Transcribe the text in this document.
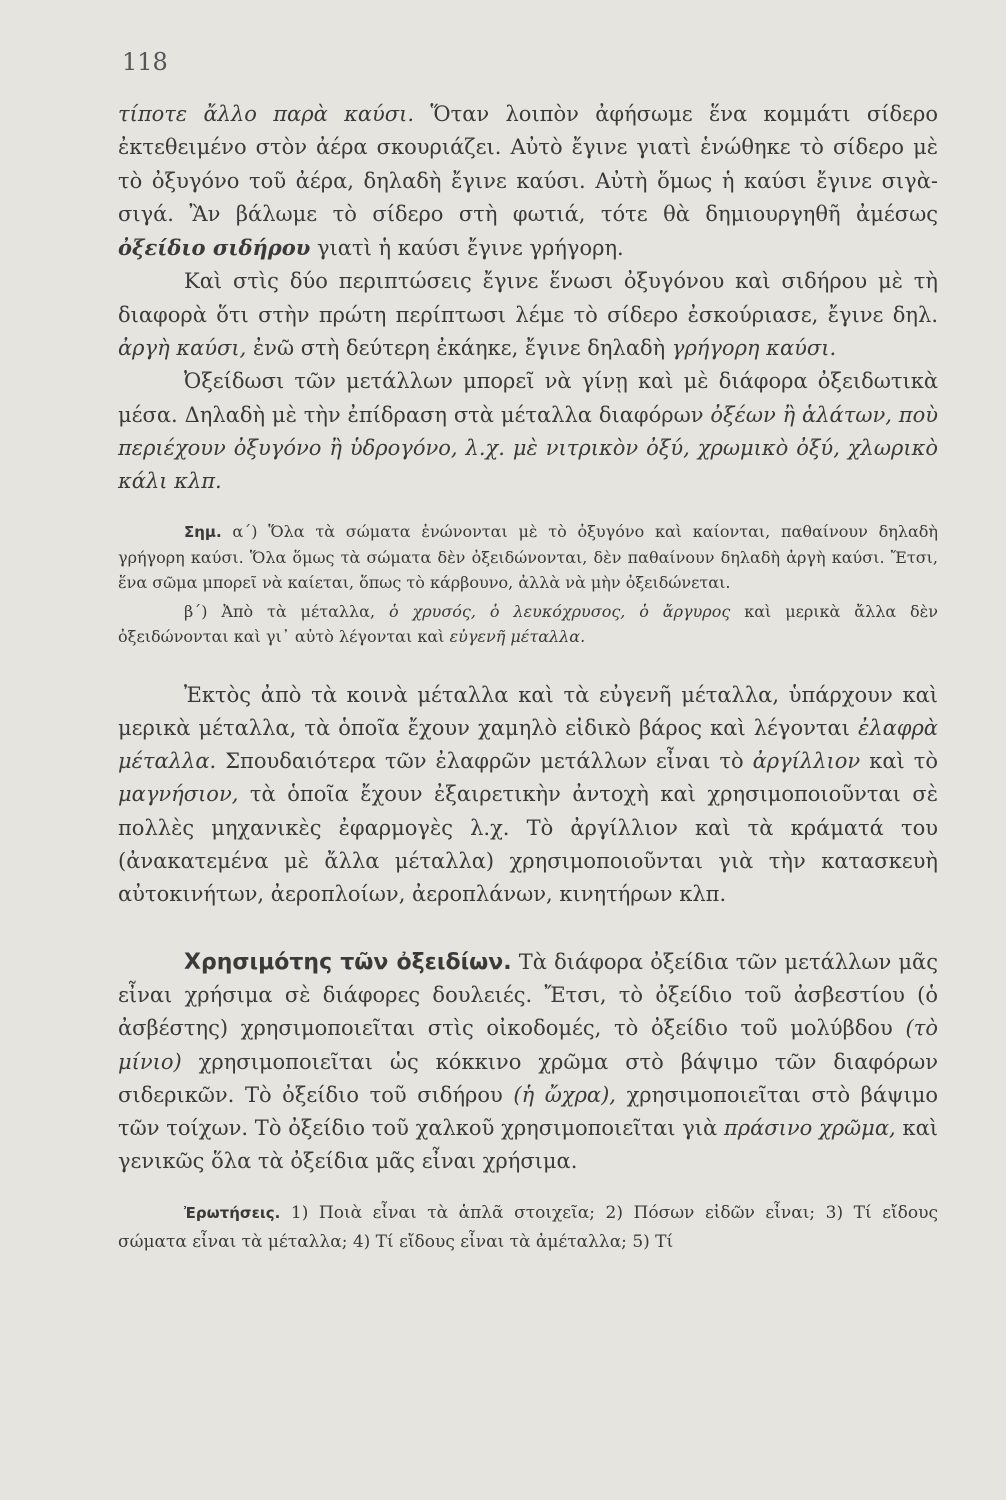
118

τίποτε ἄλλο παρὰ καύσι. Ὅταν λοιπὸν ἀφήσωμε ἕνα κομμάτι σίδερο ἐκτεθειμένο στὸν ἀέρα σκουριάζει. Αὐτὸ ἔγινε γιατὶ ἑνώθηκε τὸ σίδερο μὲ τὸ ὀξυγόνο τοῦ ἀέρα, δηλαδὴ ἔγινε καύσι. Αὐτὴ ὅμως ἡ καύσι ἔγινε σιγὰ-σιγά. Ἂν βάλωμε τὸ σίδερο στὴ φωτιά, τότε θὰ δημιουργηθῆ ἀμέσως ὀξείδιο σιδήρου γιατὶ ἡ καύσι ἔγινε γρήγορη.

Καὶ στὶς δύο περιπτώσεις ἔγινε ἕνωσι ὀξυγόνου καὶ σιδήρου μὲ τὴ διαφορὰ ὅτι στὴν πρώτη περίπτωσι λέμε τὸ σίδερο ἐσκούριασε, ἔγινε δηλ. ἀργὴ καύσι, ἐνῶ στὴ δεύτερη ἐκάηκε, ἔγινε δηλαδὴ γρήγορη καύσι.

Ὀξείδωσι τῶν μετάλλων μπορεῖ νὰ γίνῃ καὶ μὲ διάφορα ὀξειδωτικὰ μέσα. Δηλαδὴ μὲ τὴν ἐπίδραση στὰ μέταλλα διαφόρων ὀξέων ἢ ἁλάτων, ποὺ περιέχουν ὀξυγόνο ἢ ὑδρογόνο, λ.χ. μὲ νιτρικὸν ὀξύ, χρωμικὸ ὀξύ, χλωρικὸ κάλι κλπ.

Σημ. α´) Ὅλα τὰ σώματα ἑνώνονται μὲ τὸ ὀξυγόνο καὶ καίονται, παθαίνουν δηλαδὴ γρήγορη καύσι. Ὅλα ὅμως τὰ σώματα δὲν ὀξειδώνονται, δὲν παθαίνουν δηλαδὴ ἀργὴ καύσι. Ἔτσι, ἕνα σῶμα μπορεῖ νὰ καίεται, ὅπως τὸ κάρβουνο, ἀλλὰ νὰ μὴν ὀξειδώνεται.

β´) Ἀπὸ τὰ μέταλλα, ὁ χρυσός, ὁ λευκόχρυσος, ὁ ἄργυρος καὶ μερικὰ ἄλλα δὲν ὀξειδώνονται καὶ γι᾿ αὐτὸ λέγονται καὶ εὐγενῆ μέταλλα.

Ἐκτὸς ἀπὸ τὰ κοινὰ μέταλλα καὶ τὰ εὐγενῆ μέταλλα, ὑπάρχουν καὶ μερικὰ μέταλλα, τὰ ὁποῖα ἔχουν χαμηλὸ εἰδικὸ βάρος καὶ λέγονται ἐλαφρὰ μέταλλα. Σπουδαιότερα τῶν ἐλαφρῶν μετάλλων εἶναι τὸ ἀργίλλιον καὶ τὸ μαγνήσιον, τὰ ὁποῖα ἔχουν ἐξαιρετικὴν ἀντοχὴ καὶ χρησιμοποιοῦνται σὲ πολλὲς μηχανικὲς ἐφαρμογὲς λ.χ. Τὸ ἀργίλλιον καὶ τὰ κράματά του (ἀνακατεμένα μὲ ἄλλα μέταλλα) χρησιμοποιοῦνται γιὰ τὴν κατασκευὴ αὐτοκινήτων, ἀεροπλοίων, ἀεροπλάνων, κινητήρων κλπ.

Χρησιμότης τῶν ὀξειδίων. Τὰ διάφορα ὀξείδια τῶν μετάλλων μᾶς εἶναι χρήσιμα σὲ διάφορες δουλειές. Ἔτσι, τὸ ὀξείδιο τοῦ ἀσβεστίου (ὁ ἀσβέστης) χρησιμοποιεῖται στὶς οἰκοδομές, τὸ ὀξείδιο τοῦ μολύβδου (τὸ μίνιο) χρησιμοποιεῖται ὡς κόκκινο χρῶμα στὸ βάψιμο τῶν διαφόρων σιδερικῶν. Τὸ ὀξείδιο τοῦ σιδήρου (ἡ ὤχρα), χρησιμοποιεῖται στὸ βάψιμο τῶν τοίχων. Τὸ ὀξείδιο τοῦ χαλκοῦ χρησιμοποιεῖται γιὰ πράσινο χρῶμα, καὶ γενικῶς ὅλα τὰ ὀξείδια μᾶς εἶναι χρήσιμα.

Ἐρωτήσεις. 1) Ποιὰ εἶναι τὰ ἁπλᾶ στοιχεῖα; 2) Πόσων εἰδῶν εἶναι; 3) Τί εἴδους σώματα εἶναι τὰ μέταλλα; 4) Τί εἴδους εἶναι τὰ ἀμέταλλα; 5) Τί
